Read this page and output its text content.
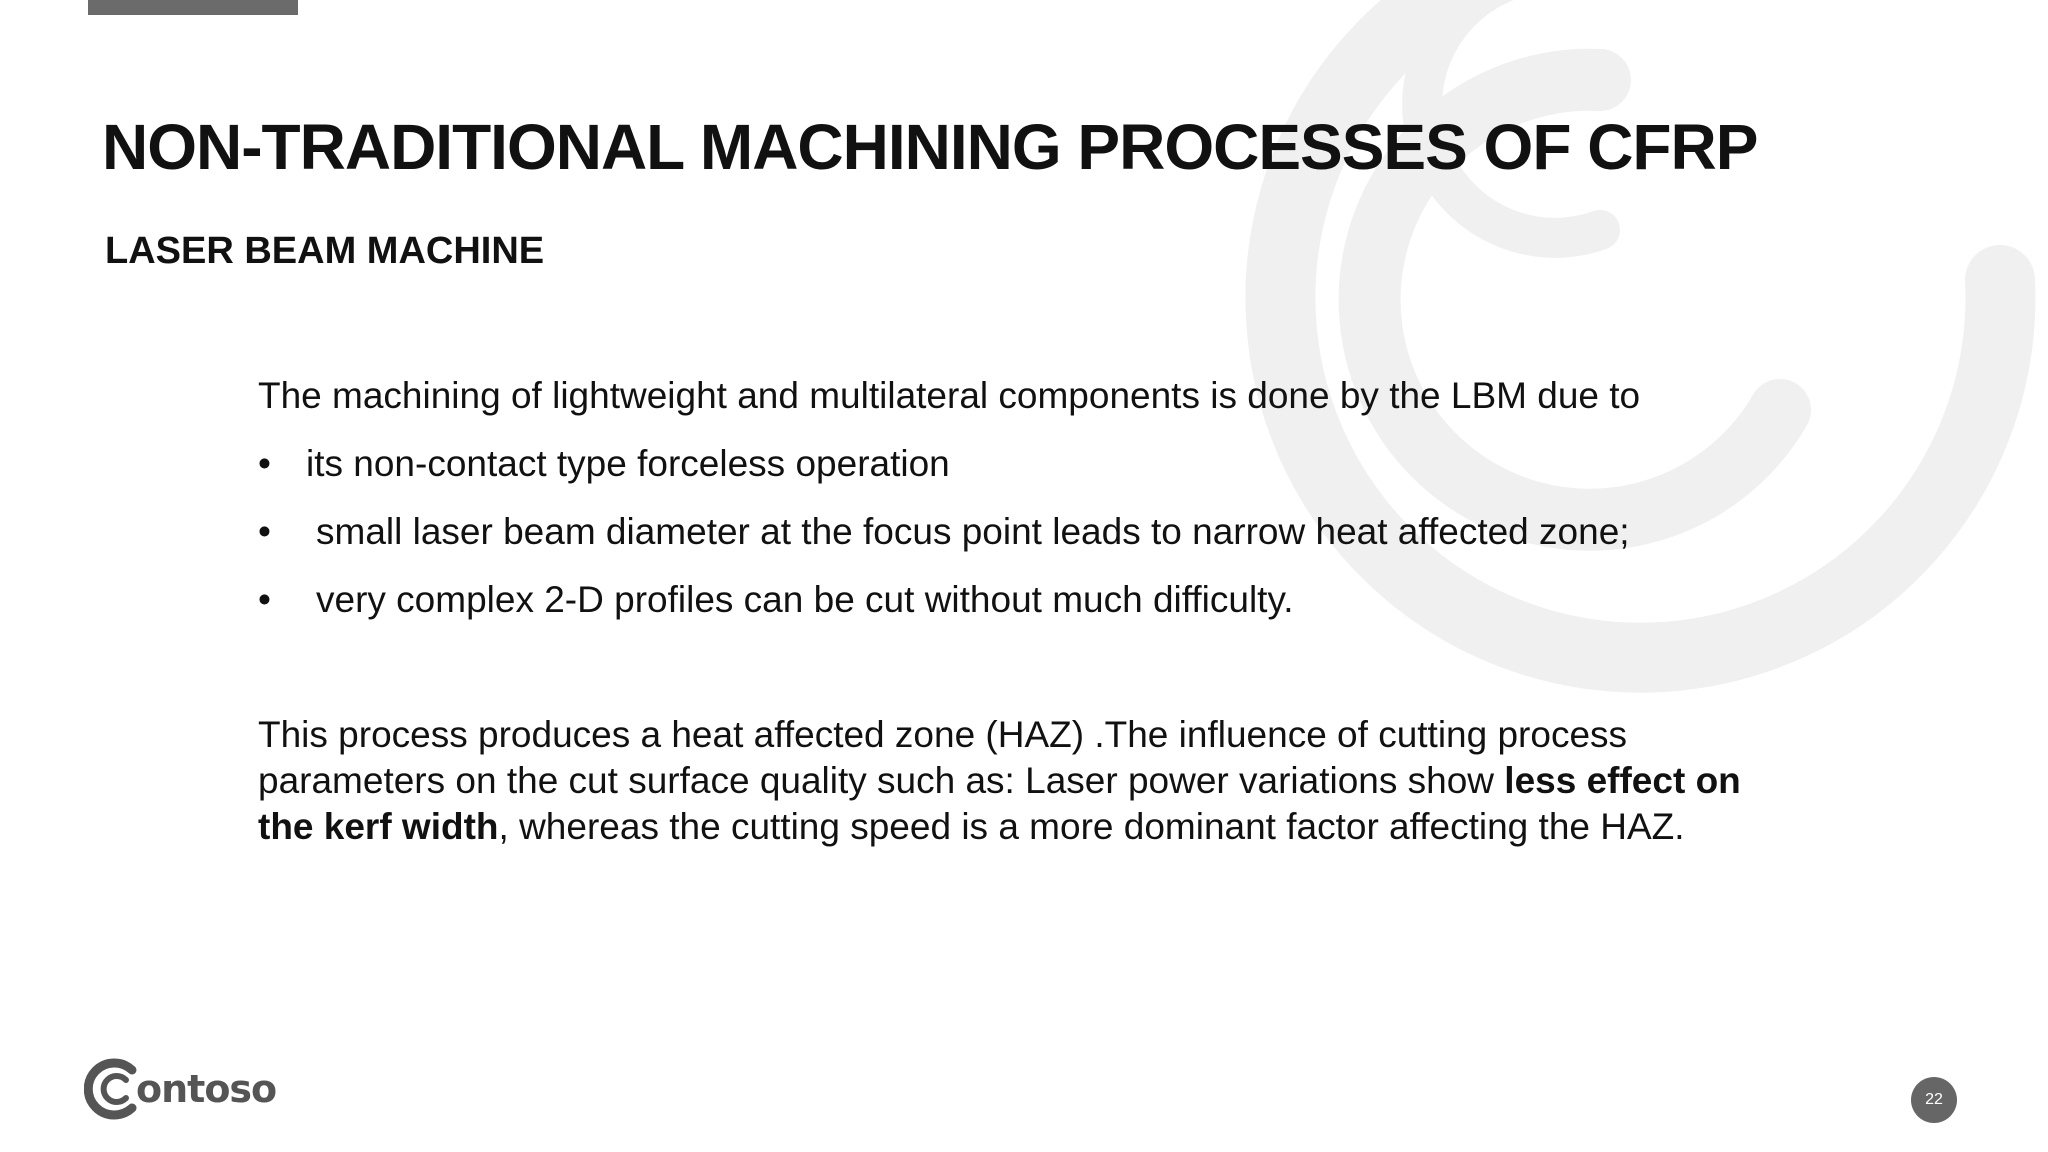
NON-TRADITIONAL MACHINING PROCESSES OF CFRP
LASER BEAM MACHINE

The machining of lightweight and multilateral components is done by the LBM due to

• its non-contact type forceless operation
• small laser beam diameter at the focus point leads to narrow heat affected zone;
• very complex 2-D profiles can be cut without much difficulty.

This process produces a heat affected zone (HAZ) .The influence of cutting process parameters on the cut surface quality such as: Laser power variations show less effect on the kerf width, whereas the cutting speed is a more dominant factor affecting the HAZ.

ontoso	22
